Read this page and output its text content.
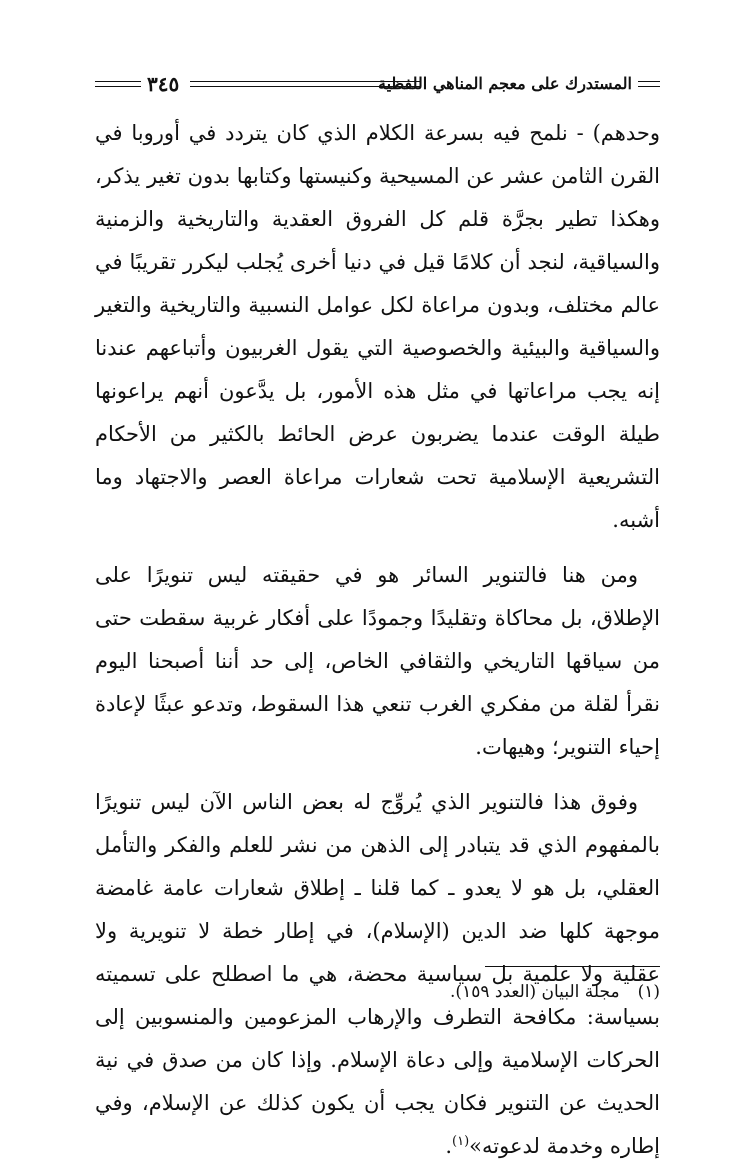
المستدرك على معجم المناهي اللفظية
٣٤٥

وحدهم) - نلمح فيه بسرعة الكلام الذي كان يتردد في أوروبا في القرن الثامن عشر عن المسيحية وكنيستها وكتابها بدون تغير يذكر، وهكذا تطير بجرَّة قلم كل الفروق العقدية والتاريخية والزمنية والسياقية، لنجد أن كلامًا قيل في دنيا أخرى يُجلب ليكرر تقريبًا في عالم مختلف، وبدون مراعاة لكل عوامل النسبية والتاريخية والتغير والسياقية والبيئية والخصوصية التي يقول الغربيون وأتباعهم عندنا إنه يجب مراعاتها في مثل هذه الأمور، بل يدَّعون أنهم يراعونها طيلة الوقت عندما يضربون عرض الحائط بالكثير من الأحكام التشريعية الإسلامية تحت شعارات مراعاة العصر والاجتهاد وما أشبه.

ومن هنا فالتنوير السائر هو في حقيقته ليس تنويرًا على الإطلاق، بل محاكاة وتقليدًا وجمودًا على أفكار غربية سقطت حتى من سياقها التاريخي والثقافي الخاص، إلى حد أننا أصبحنا اليوم نقرأ لقلة من مفكري الغرب تنعي هذا السقوط، وتدعو عبثًا لإعادة إحياء التنوير؛ وهيهات.

وفوق هذا فالتنوير الذي يُروِّج له بعض الناس الآن ليس تنويرًا بالمفهوم الذي قد يتبادر إلى الذهن من نشر للعلم والفكر والتأمل العقلي، بل هو لا يعدو ـ كما قلنا ـ إطلاق شعارات عامة غامضة موجهة كلها ضد الدين (الإسلام)، في إطار خطة لا تنويرية ولا عقلية ولا علمية بل سياسية محضة، هي ما اصطلح على تسميته بسياسة: مكافحة التطرف والإرهاب المزعومين والمنسوبين إلى الحركات الإسلامية وإلى دعاة الإسلام. وإذا كان من صدق في نية الحديث عن التنوير فكان يجب أن يكون كذلك عن الإسلام، وفي إطاره وخدمة لدعوته»$^{(١)}$.

(١)مجلة البيان (العدد ١٥٩).
